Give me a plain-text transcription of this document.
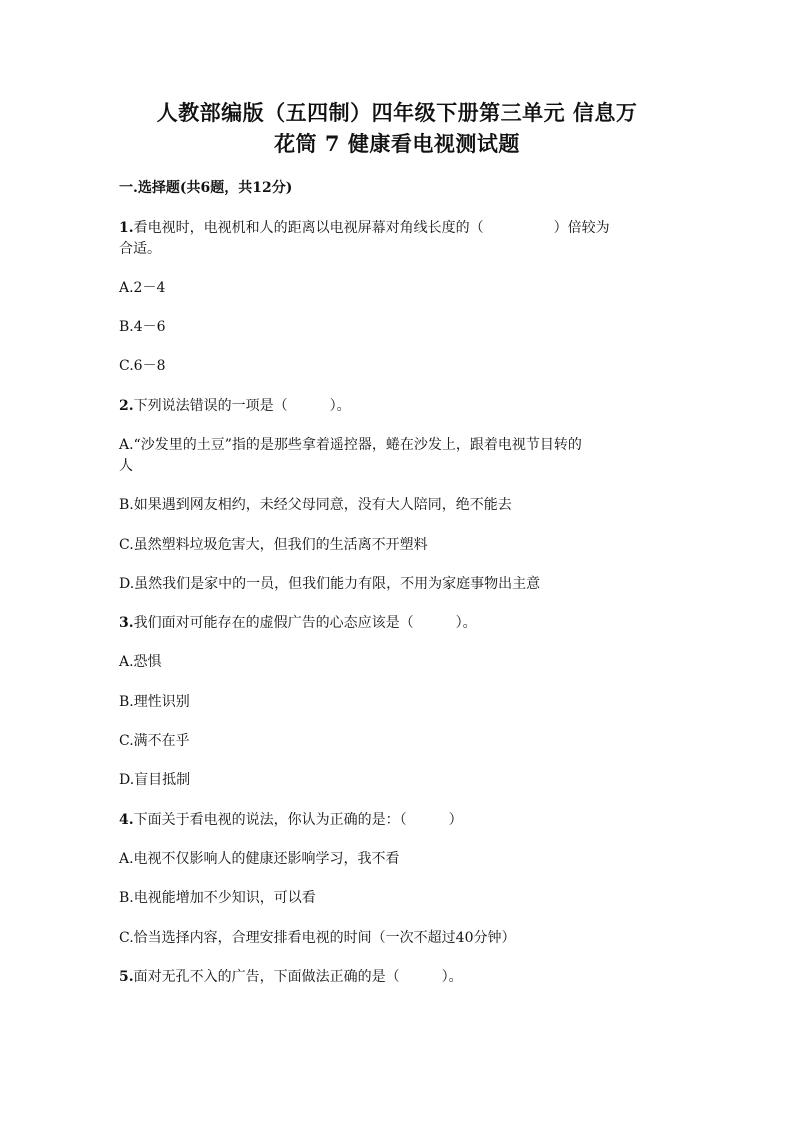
人教部编版（五四制）四年级下册第三单元 信息万
花筒 7 健康看电视测试题
一.选择题(共6题，共12分)
1.看电视时，电视机和人的距离以电视屏幕对角线长度的（　　　　　）倍较为
合适。
A.2－4
B.4－6
C.6－8
2.下列说法错误的一项是（　　　）。
A.“沙发里的土豆”指的是那些拿着遥控器，蜷在沙发上，跟着电视节目转的
人
B.如果遇到网友相约，未经父母同意，没有大人陪同，绝不能去
C.虽然塑料垃圾危害大，但我们的生活离不开塑料
D.虽然我们是家中的一员，但我们能力有限，不用为家庭事物出主意
3.我们面对可能存在的虚假广告的心态应该是（　　　）。
A.恐惧
B.理性识别
C.满不在乎
D.盲目抵制
4.下面关于看电视的说法，你认为正确的是：（　　　）
A.电视不仅影响人的健康还影响学习，我不看
B.电视能增加不少知识，可以看
C.恰当选择内容，合理安排看电视的时间（一次不超过40分钟）
5.面对无孔不入的广告，下面做法正确的是（　　　）。
